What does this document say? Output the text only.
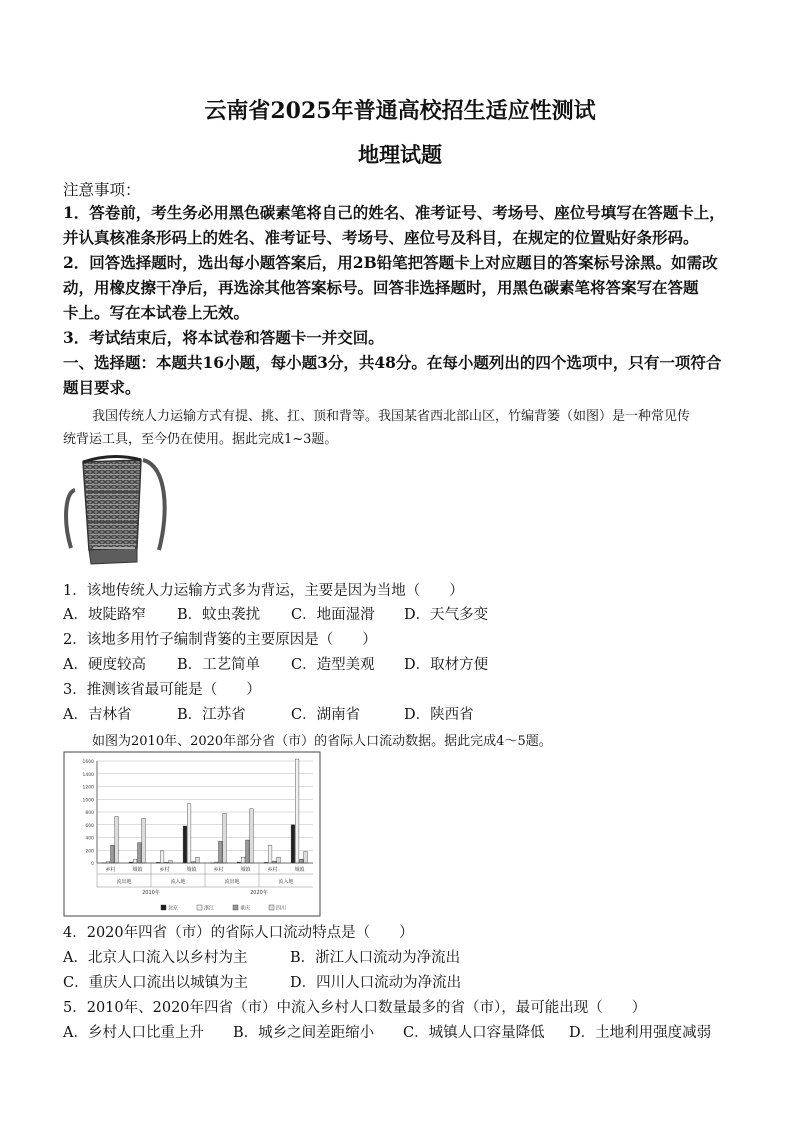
云南省2025年普通高校招生适应性测试
地理试题
注意事项：
1．答卷前，考生务必用黑色碳素笔将自己的姓名、准考证号、考场号、座位号填写在答题卡上，
并认真核准条形码上的姓名、准考证号、考场号、座位号及科目，在规定的位置贴好条形码。
2．回答选择题时，选出每小题答案后，用2B铅笔把答题卡上对应题目的答案标号涂黑。如需改
动，用橡皮擦干净后，再选涂其他答案标号。回答非选择题时，用黑色碳素笔将答案写在答题
卡上。写在本试卷上无效。
3．考试结束后，将本试卷和答题卡一并交回。
一、选择题：本题共16小题，每小题3分，共48分。在每小题列出的四个选项中，只有一项符合
题目要求。
我国传统人力运输方式有提、挑、扛、顶和背等。我国某省西北部山区，竹编背篓（如图）是一种常见传
统背运工具，至今仍在使用。据此完成1~3题。
1．该地传统人力运输方式多为背运，主要是因为当地（　　）
A．坡陡路窄 B．蚊虫袭扰 C．地面湿滑 D．天气多变
2．该地多用竹子编制背篓的主要原因是（　　）
A．硬度较高 B．工艺简单 C．造型美观 D．取材方便
3．推测该省最可能是（　　）
A．吉林省	B．江苏省	C．湖南省	D．陕西省
如图为2010年、2020年部分省（市）的省际人口流动数据。据此完成4～5题。
0
200
400
600
800
1000
1200
1400
1600
乡村	城镇	乡村	城镇	乡村	城镇	乡村	城镇
流出地	流入地	流出地	流入地
2010年	2020年
北京	浙江	重庆	四川
4．2020年四省（市）的省际人口流动特点是（　　）
A．北京人口流入以乡村为主	B．浙江人口流动为净流出
C．重庆人口流出以城镇为主	D．四川人口流动为净流出
5．2010年、2020年四省（市）中流入乡村人口数量最多的省（市），最可能出现（　　）
A．乡村人口比重上升 B．城乡之间差距缩小 C．城镇人口容量降低 D．土地利用强度减弱
